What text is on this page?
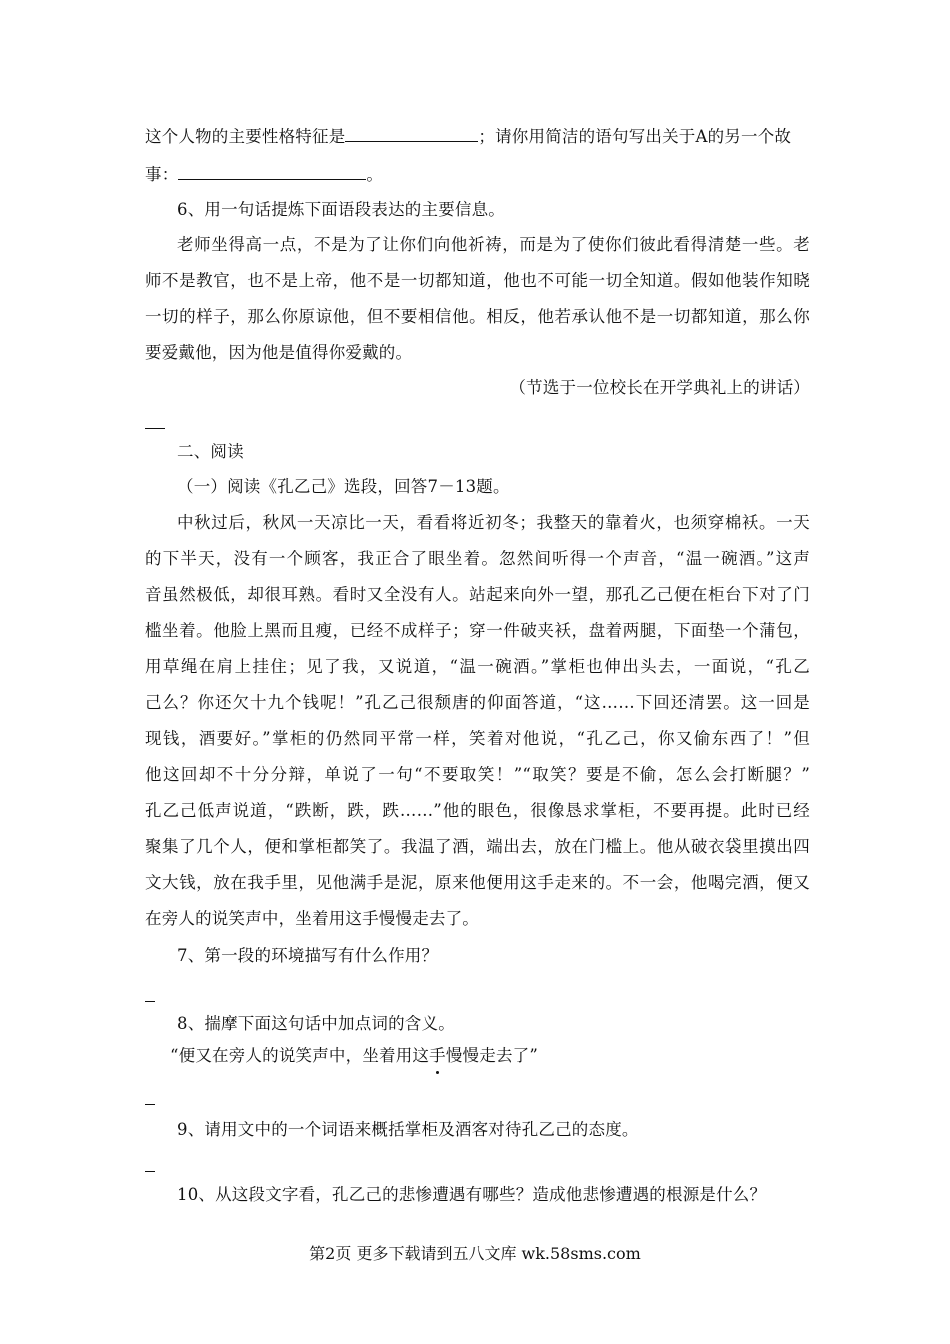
这个人物的主要性格特征是	；请你用简洁的语句写出关于A的另一个故
事：	。
6、用一句话提炼下面语段表达的主要信息。
老师坐得高一点，不是为了让你们向他祈祷，而是为了使你们彼此看得清楚一些。老
师不是教官，也不是上帝，他不是一切都知道，他也不可能一切全知道。假如他装作知晓
一切的样子，那么你原谅他，但不要相信他。相反，他若承认他不是一切都知道，那么你
要爱戴他，因为他是值得你爱戴的。
（节选于一位校长在开学典礼上的讲话）
二、阅读
（一）阅读《孔乙己》选段，回答7－13题。
中秋过后，秋风一天凉比一天，看看将近初冬；我整天的靠着火，也须穿棉袄。一天
的下半天，没有一个顾客，我正合了眼坐着。忽然间听得一个声音，“温一碗酒。”这声
音虽然极低，却很耳熟。看时又全没有人。站起来向外一望，那孔乙己便在柜台下对了门
槛坐着。他脸上黑而且瘦，已经不成样子；穿一件破夹袄，盘着两腿，下面垫一个蒲包，
用草绳在肩上挂住；见了我，又说道，“温一碗酒。”掌柜也伸出头去，一面说，“孔乙
己么？你还欠十九个钱呢！”孔乙己很颓唐的仰面答道，“这……下回还清罢。这一回是
现钱，酒要好。”掌柜的仍然同平常一样，笑着对他说，“孔乙己，你又偷东西了！”但
他这回却不十分分辩，单说了一句“不要取笑！”“取笑？要是不偷，怎么会打断腿？”
孔乙己低声说道，“跌断，跌，跌……”他的眼色，很像恳求掌柜，不要再提。此时已经
聚集了几个人，便和掌柜都笑了。我温了酒，端出去，放在门槛上。他从破衣袋里摸出四
文大钱，放在我手里，见他满手是泥，原来他便用这手走来的。不一会，他喝完酒，便又
在旁人的说笑声中，坐着用这手慢慢走去了。
7、第一段的环境描写有什么作用？
8、揣摩下面这句话中加点词的含义。
“便又在旁人的说笑声中，坐着用这手
慢慢走去了”
9、请用文中的一个词语来概括掌柜及酒客对待孔乙己的态度。
10、从这段文字看，孔乙己的悲惨遭遇有哪些？造成他悲惨遭遇的根源是什么？
第2页 更多下载请到五八文库 wk.58sms.com
